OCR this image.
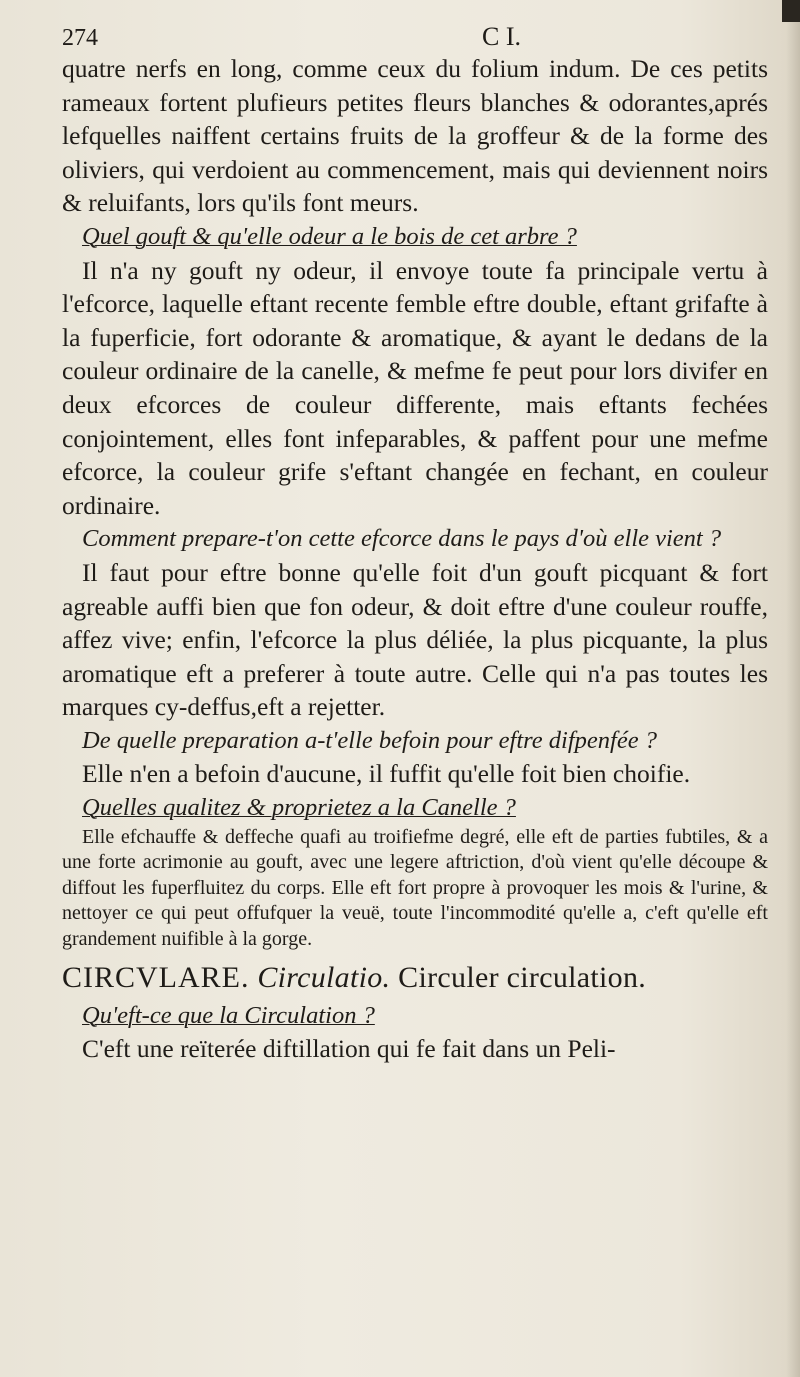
274	C I.

quatre nerfs en long, comme ceux du folium indum. De ces petits rameaux fortent plufieurs petites fleurs blanches & odorantes,aprés lefquelles naiffent certains fruits de la groffeur & de la forme des oliviers, qui verdoient au commencement, mais qui deviennent noirs & reluifants, lors qu'ils font meurs.

Quel gouft & qu'elle odeur a le bois de cet arbre ?

Il n'a ny gouft ny odeur, il envoye toute fa principale vertu à l'efcorce, laquelle eftant recente femble eftre double, eftant grifafte à la fuperficie, fort odorante & aromatique, & ayant le dedans de la couleur ordinaire de la canelle, & mefme fe peut pour lors divifer en deux efcorces de couleur differente, mais eftants fechées conjointement, elles font infeparables, & paffent pour une mefme efcorce, la couleur grife s'eftant changée en fechant, en couleur ordinaire.

Comment prepare-t'on cette efcorce dans le pays d'où elle vient ?

Il faut pour eftre bonne qu'elle foit d'un gouft picquant & fort agreable auffi bien que fon odeur, & doit eftre d'une couleur rouffe, affez vive; enfin, l'efcorce la plus déliée, la plus picquante, la plus aromatique eft a preferer à toute autre. Celle qui n'a pas toutes les marques cy-deffus,eft a rejetter.

De quelle preparation a-t'elle befoin pour eftre difpenfée ?

Elle n'en a befoin d'aucune, il fuffit qu'elle foit bien choifie.

Quelles qualitez & proprietez a la Canelle ?

Elle efchauffe & deffeche quafi au troifiefme degré, elle eft de parties fubtiles, & a une forte acrimonie au gouft, avec une legere aftriction, d'où vient qu'elle découpe & diffout les fuperfluitez du corps. Elle eft fort propre à provoquer les mois & l'urine, & nettoyer ce qui peut offufquer la veuë, toute l'incommodité qu'elle a, c'eft qu'elle eft grandement nuifible à la gorge.

CIRCVLARE. Circulatio. Circuler circulation.

Qu'eft-ce que la Circulation ?

C'eft une reïterée diftillation qui fe fait dans un Peli-
